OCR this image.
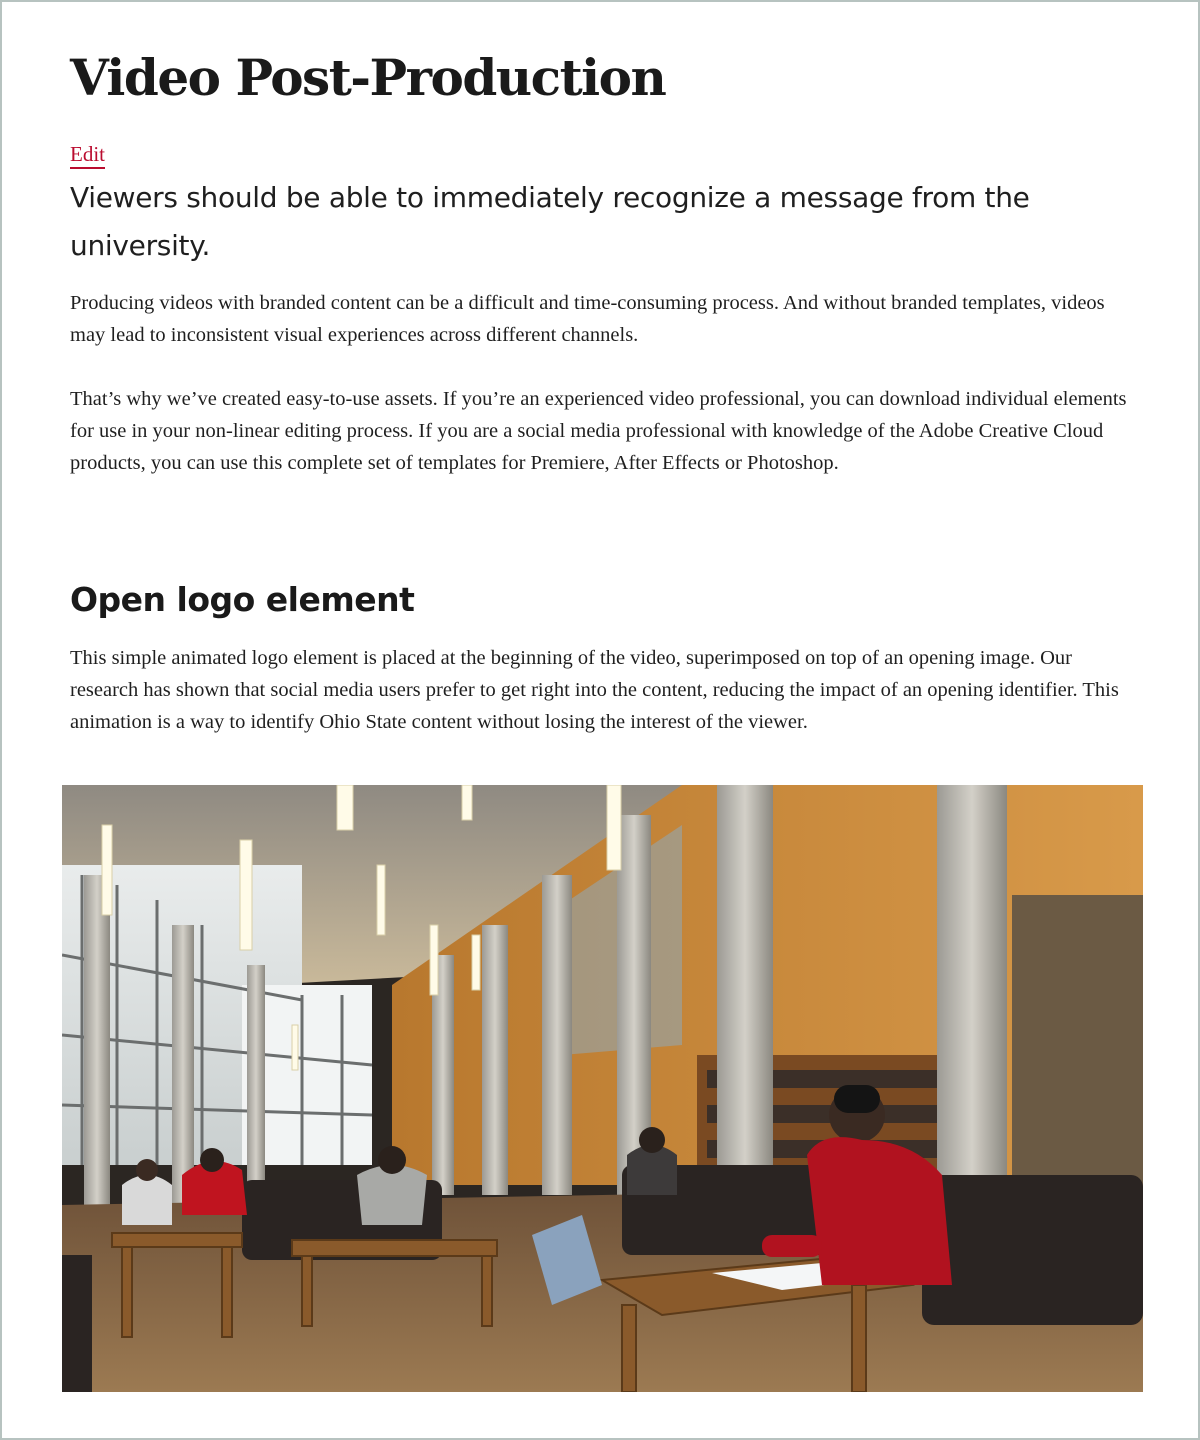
Video Post-Production
Edit

Viewers should be able to immediately recognize a message from the university.

Producing videos with branded content can be a difficult and time-consuming process. And without branded templates, videos may lead to inconsistent visual experiences across different channels.

That’s why we’ve created easy-to-use assets. If you’re an experienced video professional, you can download individual elements for use in your non-linear editing process. If you are a social media professional with knowledge of the Adobe Creative Cloud products, you can use this complete set of templates for Premiere, After Effects or Photoshop.

Open logo element

This simple animated logo element is placed at the beginning of the video, superimposed on top of an opening image. Our research has shown that social media users prefer to get right into the content, reducing the impact of an opening identifier. This animation is a way to identify Ohio State content without losing the interest of the viewer.
